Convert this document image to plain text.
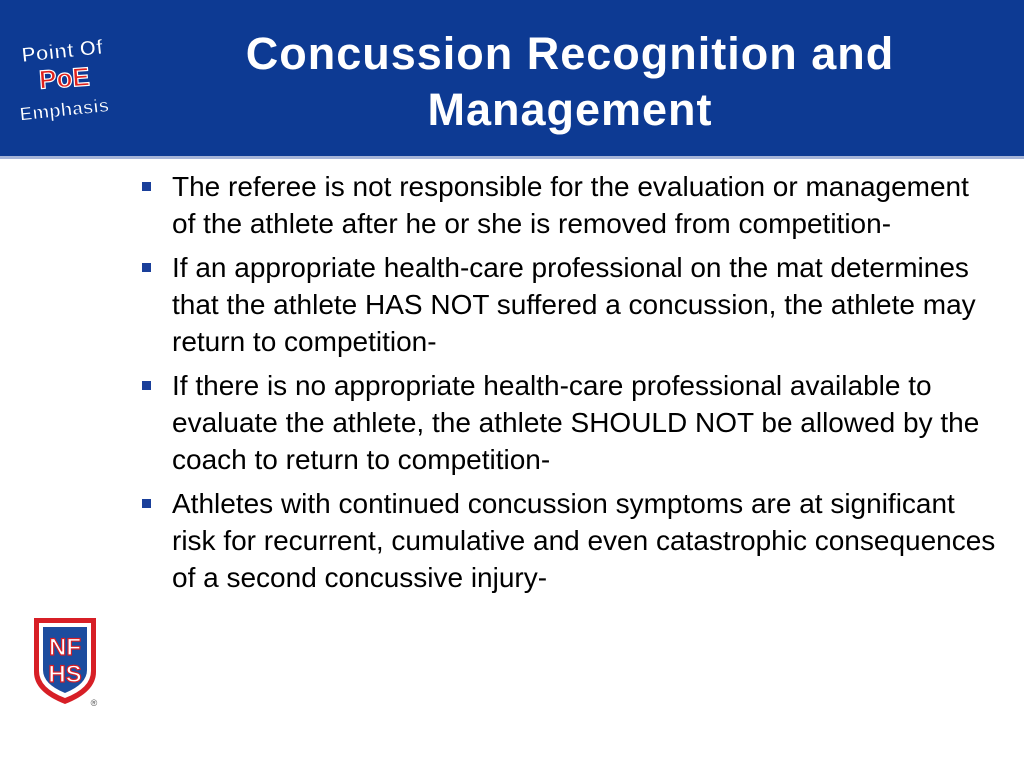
Point Of
PoE
Emphasis
Concussion Recognition and
Management
The referee is not responsible for the evaluation or management of the athlete after he or she is removed from competition-
If an appropriate health-care professional on the mat determines that the athlete HAS NOT suffered a concussion, the athlete may return to competition-
If there is no appropriate health-care professional available to evaluate the athlete, the athlete SHOULD NOT be allowed by the coach to return to competition-
Athletes with continued concussion symptoms are at significant risk for recurrent, cumulative and even catastrophic consequences of a second concussive injury-
NF
HS
®
